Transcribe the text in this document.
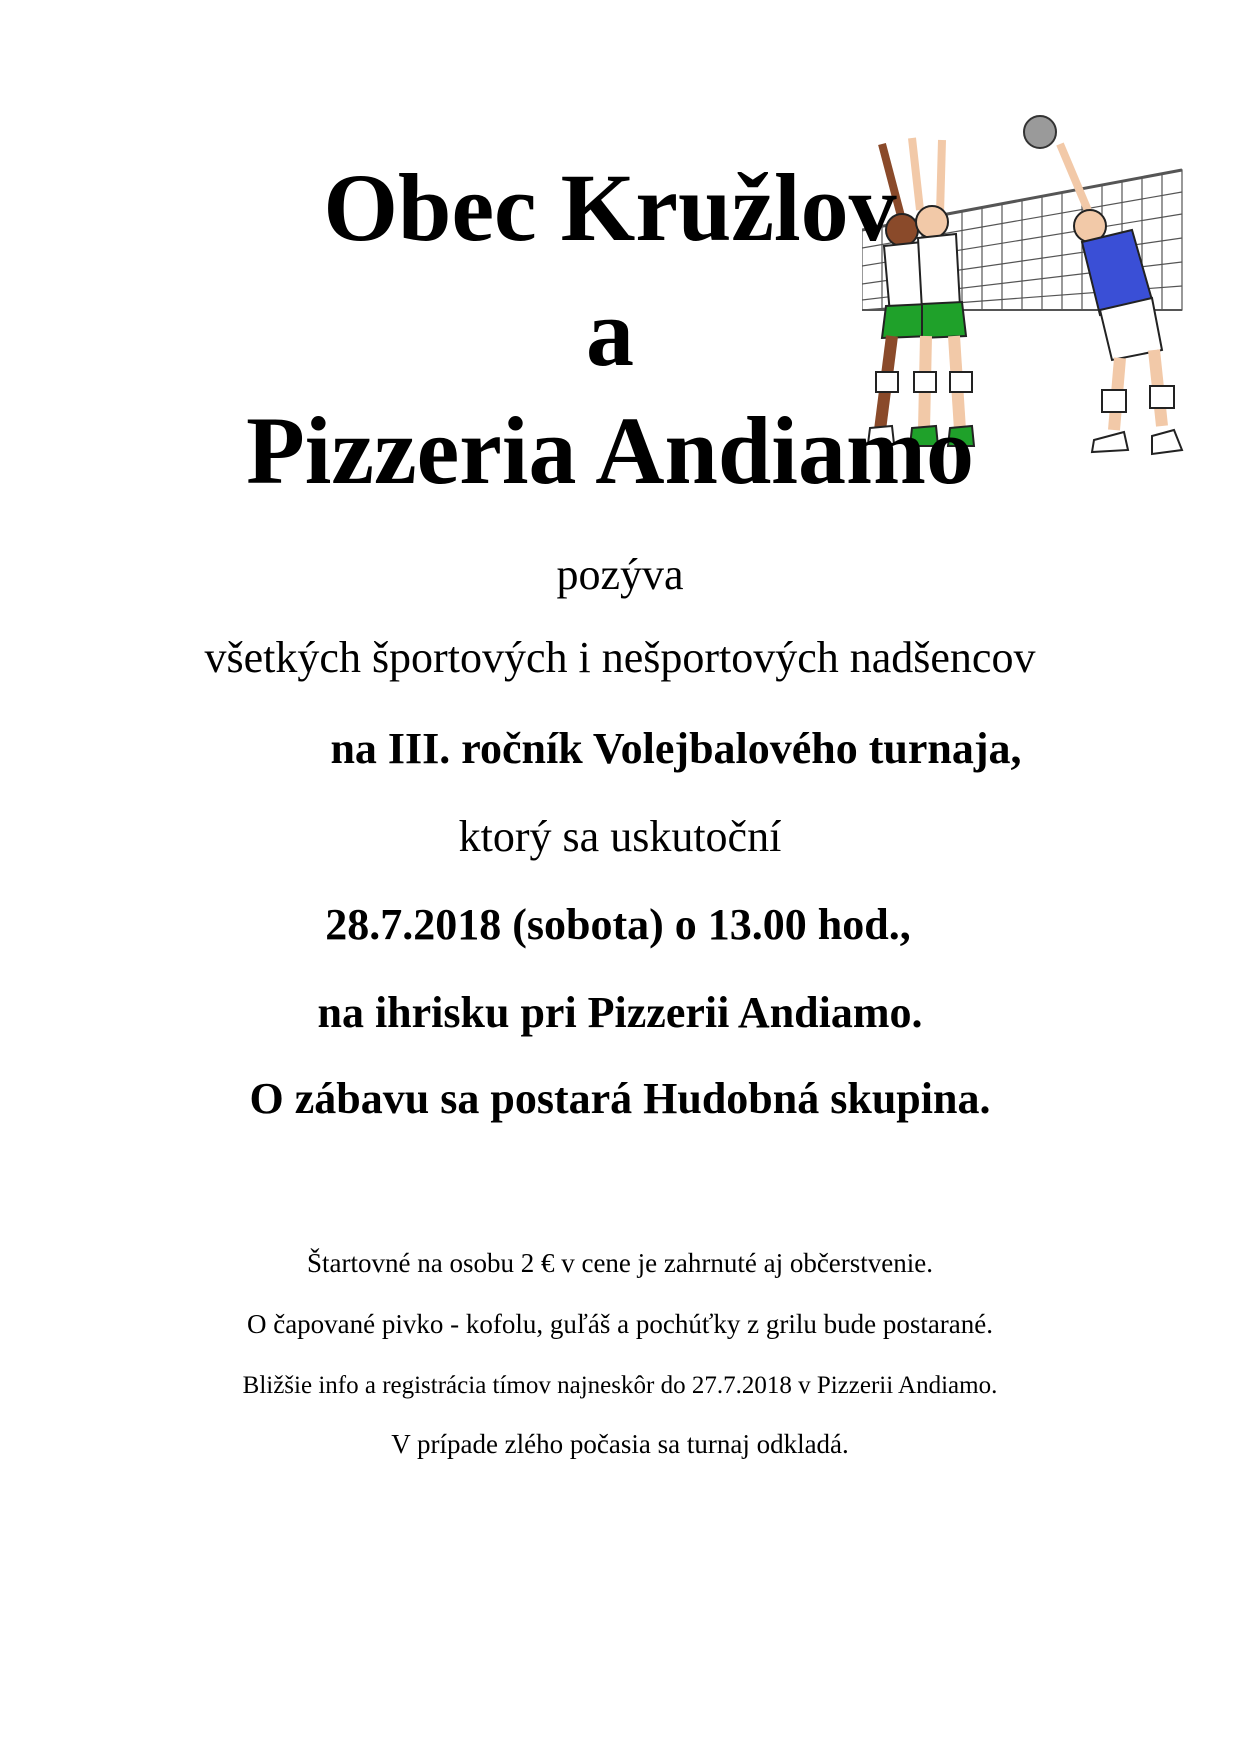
Obec Kružlov
a
Pizzeria Andiamo
pozýva
všetkých športových i nešportových nadšencov
na III. ročník Volejbalového turnaja,
ktorý sa uskutoční
28.7.2018 (sobota) o 13.00 hod.,
na ihrisku pri Pizzerii Andiamo.
O zábavu sa postará Hudobná skupina.
Štartovné na osobu 2 € v cene je zahrnuté aj občerstvenie.
O čapované pivko - kofolu, guľáš a pochúťky z grilu bude postarané.
Bližšie info a registrácia tímov najneskôr do 27.7.2018 v Pizzerii Andiamo.
V prípade zlého počasia sa turnaj odkladá.
